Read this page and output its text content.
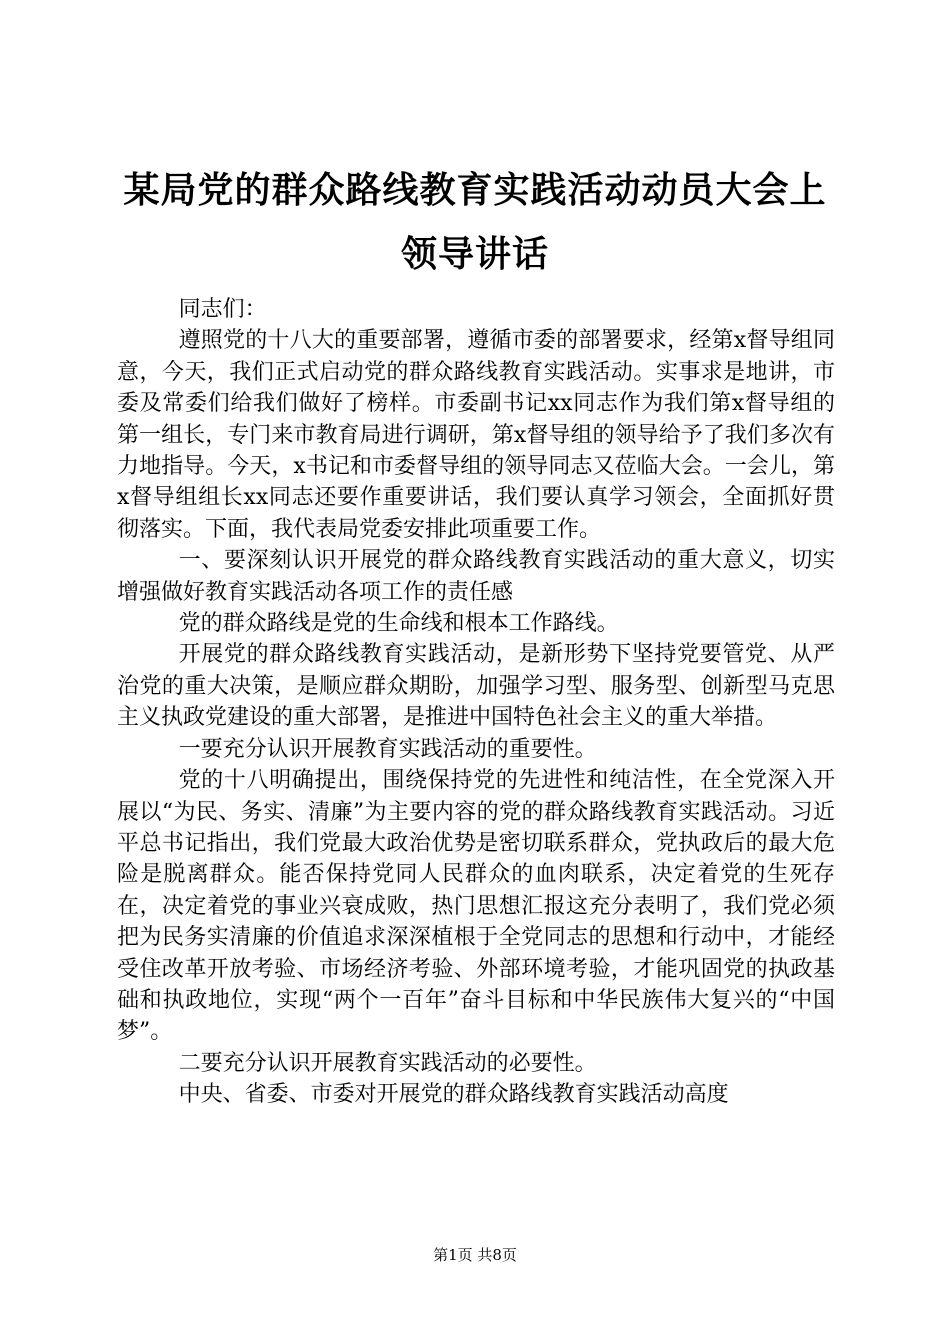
某局党的群众路线教育实践活动动员大会上领导讲话

同志们：

遵照党的十八大的重要部署，遵循市委的部署要求，经第x督导组同意，今天，我们正式启动党的群众路线教育实践活动。实事求是地讲，市委及常委们给我们做好了榜样。市委副书记xx同志作为我们第x督导组的第一组长，专门来市教育局进行调研，第x督导组的领导给予了我们多次有力地指导。今天，x书记和市委督导组的领导同志又莅临大会。一会儿，第x督导组组长xx同志还要作重要讲话，我们要认真学习领会，全面抓好贯彻落实。下面，我代表局党委安排此项重要工作。

一、要深刻认识开展党的群众路线教育实践活动的重大意义，切实增强做好教育实践活动各项工作的责任感

党的群众路线是党的生命线和根本工作路线。

开展党的群众路线教育实践活动，是新形势下坚持党要管党、从严治党的重大决策，是顺应群众期盼，加强学习型、服务型、创新型马克思主义执政党建设的重大部署，是推进中国特色社会主义的重大举措。

一要充分认识开展教育实践活动的重要性。

党的十八明确提出，围绕保持党的先进性和纯洁性，在全党深入开展以“为民、务实、清廉”为主要内容的党的群众路线教育实践活动。习近平总书记指出，我们党最大政治优势是密切联系群众，党执政后的最大危险是脱离群众。能否保持党同人民群众的血肉联系，决定着党的生死存在，决定着党的事业兴衰成败，热门思想汇报这充分表明了，我们党必须把为民务实清廉的价值追求深深植根于全党同志的思想和行动中，才能经受住改革开放考验、市场经济考验、外部环境考验，才能巩固党的执政基础和执政地位，实现“两个一百年”奋斗目标和中华民族伟大复兴的“中国梦”。

二要充分认识开展教育实践活动的必要性。

中央、省委、市委对开展党的群众路线教育实践活动高度

第1页 共8页
